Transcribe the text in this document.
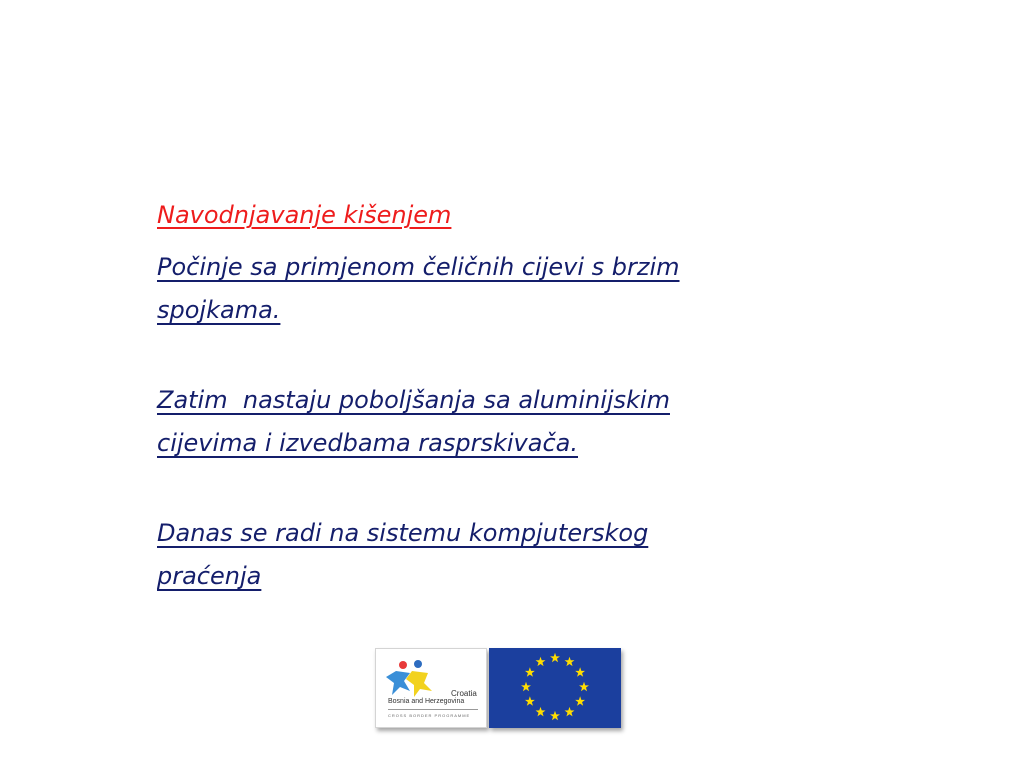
Navodnjavanje kišenjem

Počinje sa primjenom čeličnih cijevi s brzim
spojkama.

Zatim  nastaju poboljšanja sa aluminijskim
cijevima i izvedbama rasprskivača.

Danas se radi na sistemu kompjuterskog
praćenja

Croatia
Bosnia and Herzegovina
CROSS BORDER PROGRAMME
